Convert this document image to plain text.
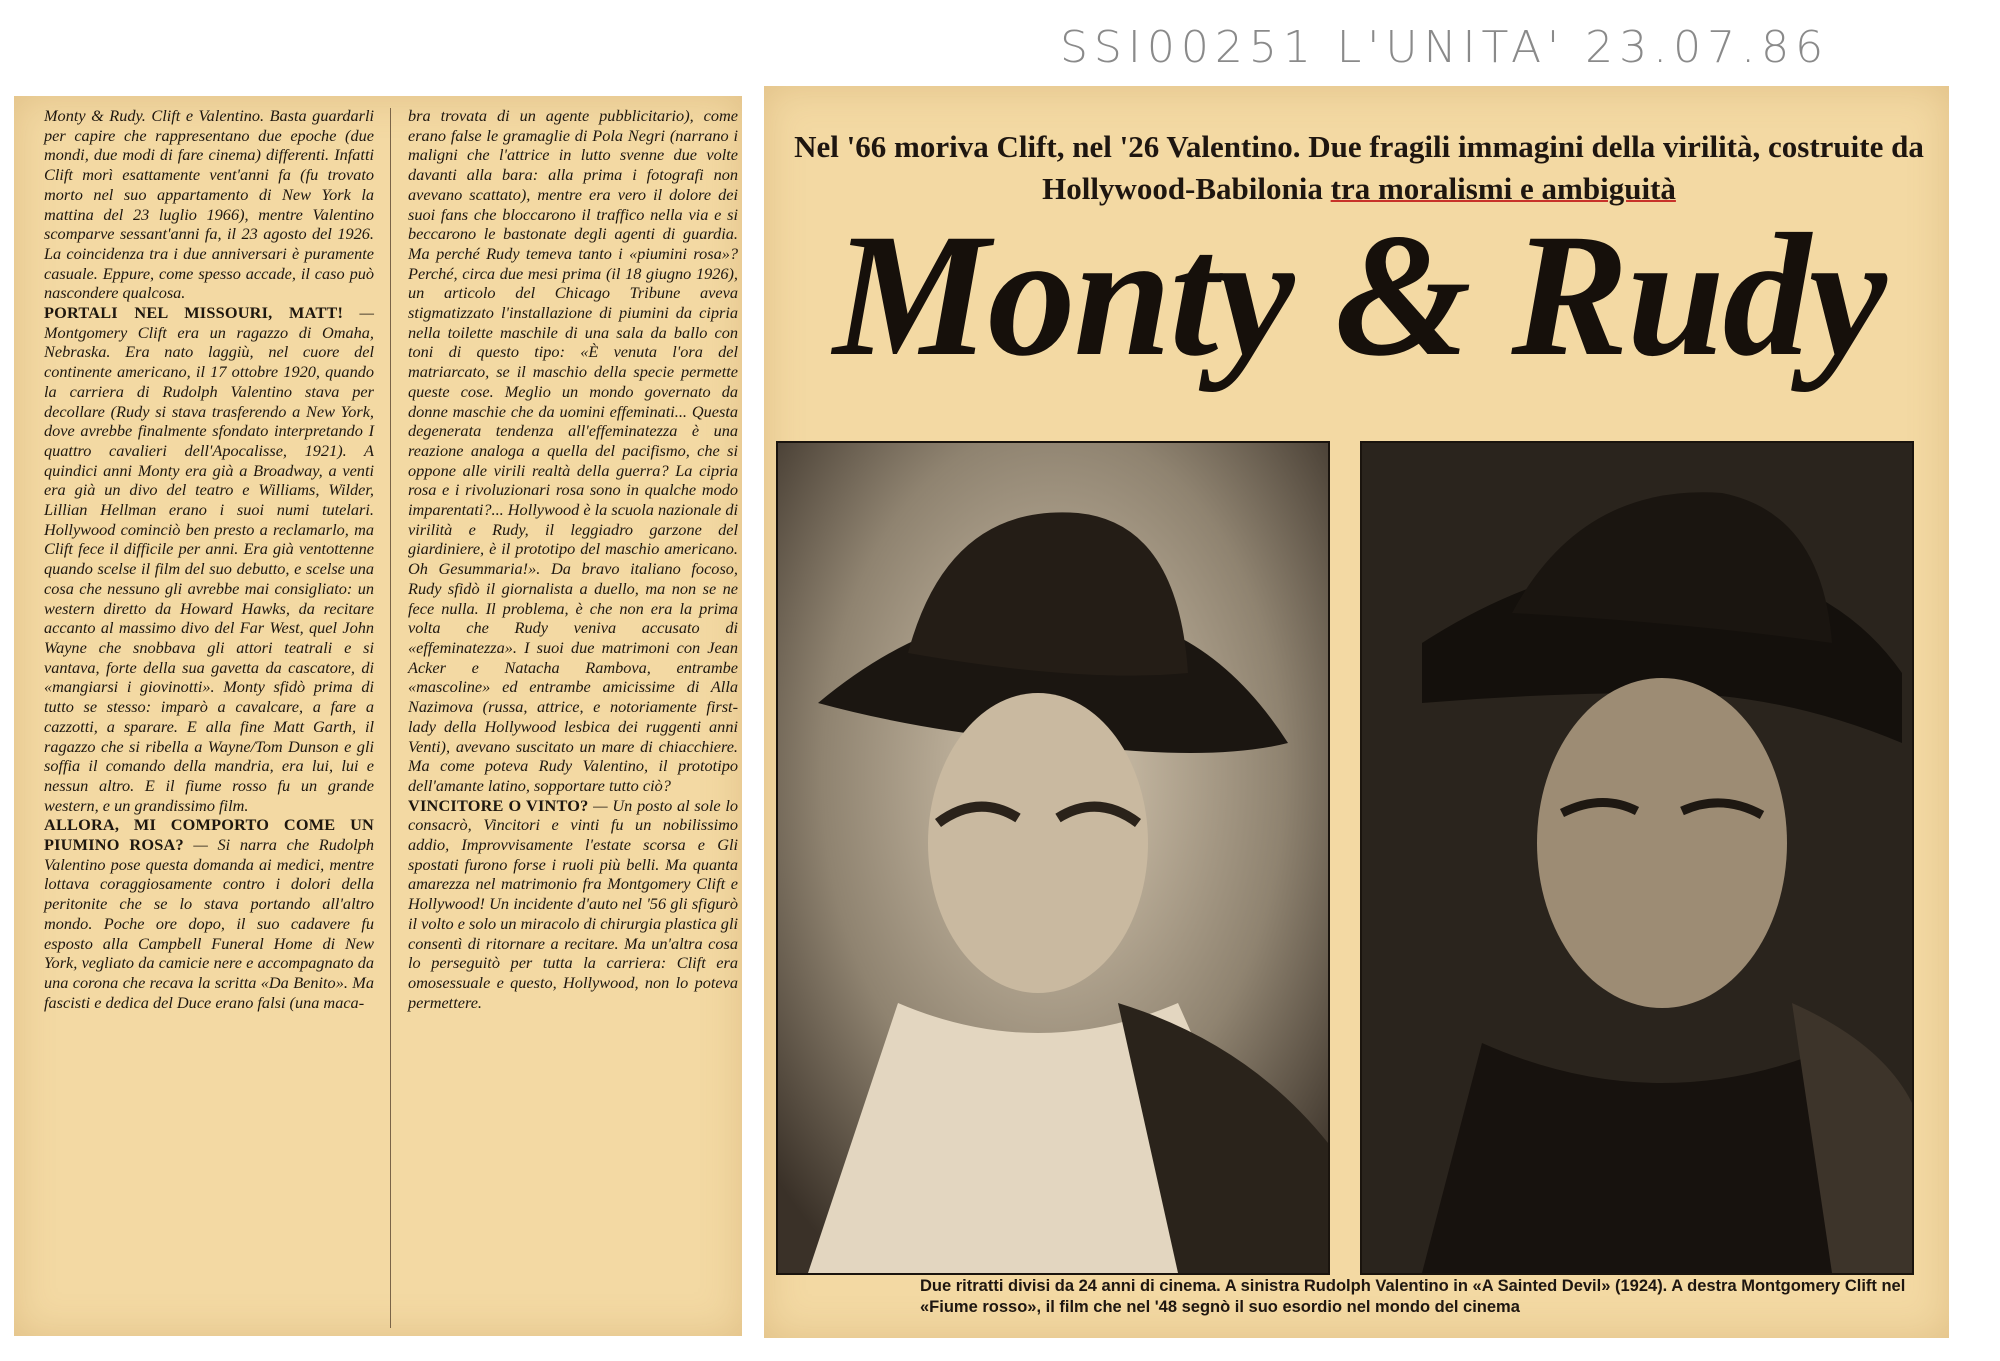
SSI00251 L'UNITA' 23.07.86

Monty & Rudy. Clift e Valentino. Basta guardarli per capire che rappresentano due epoche (due mondi, due modi di fare cinema) differenti. Infatti Clift morì esattamente vent'anni fa (fu trovato morto nel suo appartamento di New York la mattina del 23 luglio 1966), mentre Valentino scomparve sessant'anni fa, il 23 agosto del 1926. La coincidenza tra i due anniversari è puramente casuale. Eppure, come spesso accade, il caso può nascondere qualcosa.

PORTALI NEL MISSOURI, MATT! — Montgomery Clift era un ragazzo di Omaha, Nebraska. Era nato laggiù, nel cuore del continente americano, il 17 ottobre 1920, quando la carriera di Rudolph Valentino stava per decollare (Rudy si stava trasferendo a New York, dove avrebbe finalmente sfondato interpretando I quattro cavalieri dell'Apocalisse, 1921). A quindici anni Monty era già a Broadway, a venti era già un divo del teatro e Williams, Wilder, Lillian Hellman erano i suoi numi tutelari. Hollywood cominciò ben presto a reclamarlo, ma Clift fece il difficile per anni. Era già ventottenne quando scelse il film del suo debutto, e scelse una cosa che nessuno gli avrebbe mai consigliato: un western diretto da Howard Hawks, da recitare accanto al massimo divo del Far West, quel John Wayne che snobbava gli attori teatrali e si vantava, forte della sua gavetta da cascatore, di «mangiarsi i giovinotti». Monty sfidò prima di tutto se stesso: imparò a cavalcare, a fare a cazzotti, a sparare. E alla fine Matt Garth, il ragazzo che si ribella a Wayne/Tom Dunson e gli soffia il comando della mandria, era lui, lui e nessun altro. E il fiume rosso fu un grande western, e un grandissimo film.

ALLORA, MI COMPORTO COME UN PIUMINO ROSA? — Si narra che Rudolph Valentino pose questa domanda ai medici, mentre lottava coraggiosamente contro i dolori della peritonite che se lo stava portando all'altro mondo. Poche ore dopo, il suo cadavere fu esposto alla Campbell Funeral Home di New York, vegliato da camicie nere e accompagnato da una corona che recava la scritta «Da Benito». Ma fascisti e dedica del Duce erano falsi (una maca-

bra trovata di un agente pubblicitario), come erano false le gramaglie di Pola Negri (narrano i maligni che l'attrice in lutto svenne due volte davanti alla bara: alla prima i fotografi non avevano scattato), mentre era vero il dolore dei suoi fans che bloccarono il traffico nella via e si beccarono le bastonate degli agenti di guardia. Ma perché Rudy temeva tanto i «piumini rosa»? Perché, circa due mesi prima (il 18 giugno 1926), un articolo del Chicago Tribune aveva stigmatizzato l'installazione di piumini da cipria nella toilette maschile di una sala da ballo con toni di questo tipo: «È venuta l'ora del matriarcato, se il maschio della specie permette queste cose. Meglio un mondo governato da donne maschie che da uomini effeminati... Questa degenerata tendenza all'effeminatezza è una reazione analoga a quella del pacifismo, che si oppone alle virili realtà della guerra? La cipria rosa e i rivoluzionari rosa sono in qualche modo imparentati?... Hollywood è la scuola nazionale di virilità e Rudy, il leggiadro garzone del giardiniere, è il prototipo del maschio americano. Oh Gesummaria!». Da bravo italiano focoso, Rudy sfidò il giornalista a duello, ma non se ne fece nulla. Il problema, è che non era la prima volta che Rudy veniva accusato di «effeminatezza». I suoi due matrimoni con Jean Acker e Natacha Rambova, entrambe «mascoline» ed entrambe amicissime di Alla Nazimova (russa, attrice, e notoriamente first-lady della Hollywood lesbica dei ruggenti anni Venti), avevano suscitato un mare di chiacchiere. Ma come poteva Rudy Valentino, il prototipo dell'amante latino, sopportare tutto ciò?

VINCITORE O VINTO? — Un posto al sole lo consacrò, Vincitori e vinti fu un nobilissimo addio, Improvvisamente l'estate scorsa e Gli spostati furono forse i ruoli più belli. Ma quanta amarezza nel matrimonio fra Montgomery Clift e Hollywood! Un incidente d'auto nel '56 gli sfigurò il volto e solo un miracolo di chirurgia plastica gli consentì di ritornare a recitare. Ma un'altra cosa lo perseguitò per tutta la carriera: Clift era omosessuale e questo, Hollywood, non lo poteva permettere.

Nel '66 moriva Clift, nel '26 Valentino. Due fragili immagini della virilità, costruite da Hollywood-Babilonia tra moralismi e ambiguità
Monty & Rudy
Due ritratti divisi da 24 anni di cinema. A sinistra Rudolph Valentino in «A Sainted Devil» (1924). A destra Montgomery Clift nel «Fiume rosso», il film che nel '48 segnò il suo esordio nel mondo del cinema
